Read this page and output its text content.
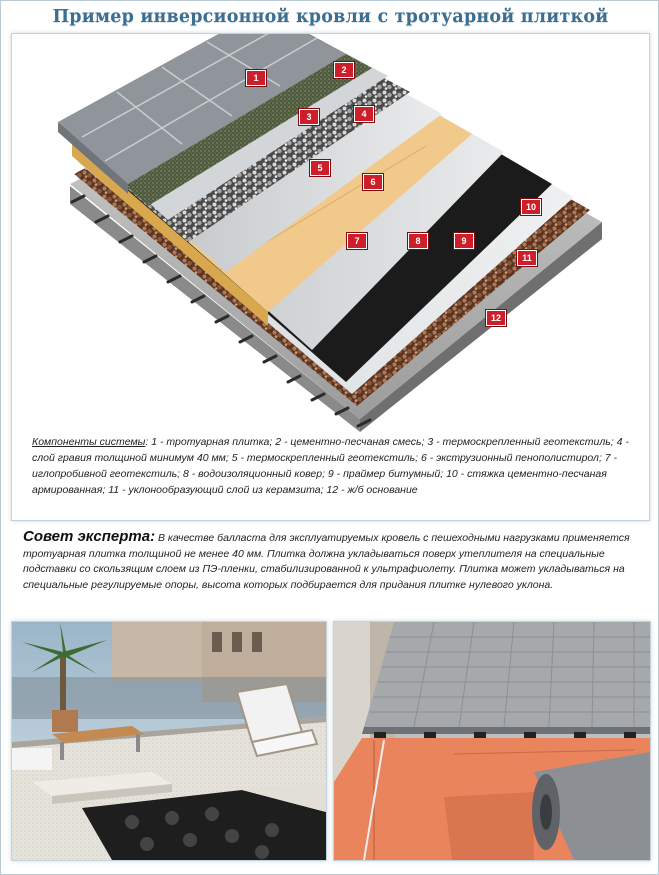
Пример инверсионной кровли с тротуарной плиткой
1
2
3	4
5
6
7	8	9
10
11
12
Компоненты системы: 1 - тротуарная плитка; 2 - цементно-песчаная смесь; 3 - термоскрепленный геотекстиль; 4 - слой гравия толщиной минимум 40 мм; 5 - термоскрепленный геотекстиль; 6 - экструзионный пенополистирол; 7 - иглопробивной геотекстиль; 8 - водоизоляционный ковер; 9 - праймер битумный; 10 - стяжка цементно-песчаная армированная; 11 - уклонообразующий слой из керамзита; 12 - ж/б основание
Совет эксперта: В качестве балласта для эксплуатируемых кровель с пешеходными нагрузками применяется тротуарная плитка толщиной не менее 40 мм. Плитка должна укладываться поверх утеплителя на специальные подставки со скользящим слоем из ПЭ-пленки, стабилизированной к ультрафиолету. Плитка может укладываться на специальные регулируемые опоры, высота которых подбирается для придания плитке нулевого уклона.
